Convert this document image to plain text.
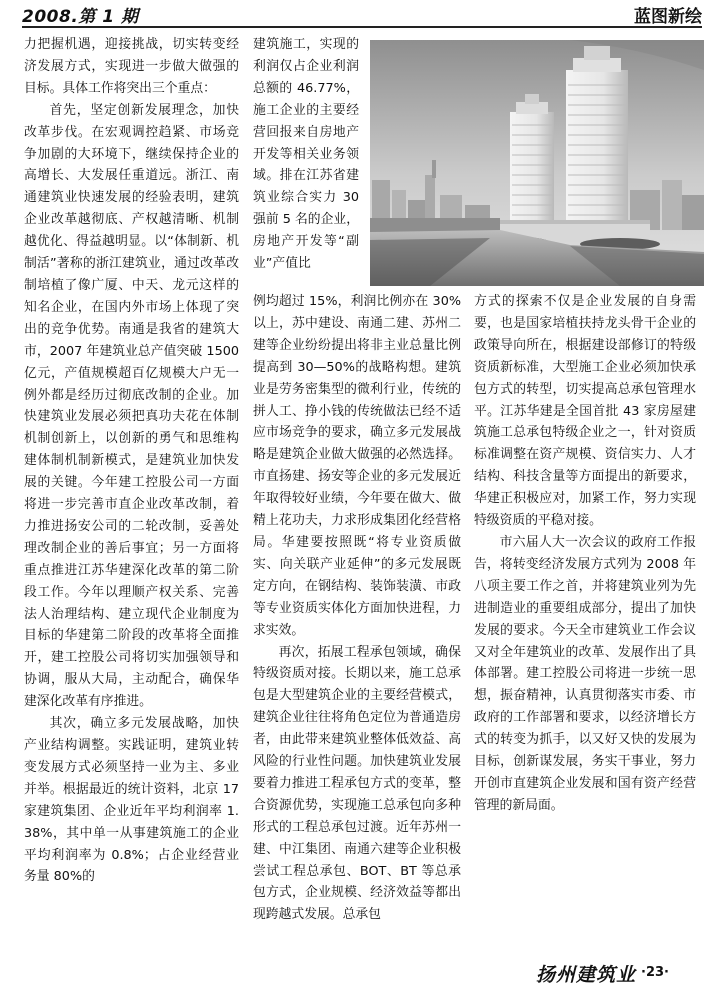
2008.第 1 期	蓝图新绘

力把握机遇，迎接挑战，切实转变经济发展方式，实现进一步做大做强的目标。具体工作将突出三个重点：

首先，坚定创新发展理念，加快改革步伐。在宏观调控趋紧、市场竞争加剧的大环境下，继续保持企业的高增长、大发展任重道远。浙江、南通建筑业快速发展的经验表明，建筑企业改革越彻底、产权越清晰、机制越优化、得益越明显。以“体制新、机制活”著称的浙江建筑业，通过改革改制培植了像广厦、中天、龙元这样的知名企业，在国内外市场上体现了突出的竞争优势。南通是我省的建筑大市，2007 年建筑业总产值突破 1500 亿元，产值规模超百亿规模大户无一例外都是经历过彻底改制的企业。加快建筑业发展必须把真功夫花在体制机制创新上，以创新的勇气和思维构建体制机制新模式，是建筑业加快发展的关键。今年建工控股公司一方面将进一步完善市直企业改革改制，着力推进扬安公司的二轮改制，妥善处理改制企业的善后事宜；另一方面将重点推进江苏华建深化改革的第二阶段工作。今年以理顺产权关系、完善法人治理结构、建立现代企业制度为目标的华建第二阶段的改革将全面推开，建工控股公司将切实加强领导和协调，服从大局，主动配合，确保华建深化改革有序推进。

其次，确立多元发展战略，加快产业结构调整。实践证明，建筑业转变发展方式必须坚持一业为主、多业并举。根据最近的统计资料，北京 17 家建筑集团、企业近年平均利润率 1.38%，其中单一从事建筑施工的企业平均利润率为 0.8%；占企业经营业务量 80%的

建筑施工，实现的利润仅占企业利润总额的 46.77%，施工企业的主要经营回报来自房地产开发等相关业务领域。排在江苏省建筑业综合实力 30 强前 5 名的企业，房地产开发等“副业”产值比

例均超过 15%，利润比例亦在 30%以上，苏中建设、南通二建、苏州二建等企业纷纷提出将非主业总量比例提高到 30—50%的战略构想。建筑业是劳务密集型的微利行业，传统的拼人工、挣小钱的传统做法已经不适应市场竞争的要求，确立多元发展战略是建筑企业做大做强的必然选择。市直扬建、扬安等企业的多元发展近年取得较好业绩，今年要在做大、做精上花功夫，力求形成集团化经营格局。华建要按照既“将专业资质做实、向关联产业延伸”的多元发展既定方向，在钢结构、装饰装潢、市政等专业资质实体化方面加快进程，力求实效。

再次，拓展工程承包领域，确保特级资质对接。长期以来，施工总承包是大型建筑企业的主要经营模式，建筑企业往往将角色定位为普通造房者，由此带来建筑业整体低效益、高风险的行业性问题。加快建筑业发展要着力推进工程承包方式的变革，整合资源优势，实现施工总承包向多种形式的工程总承包过渡。近年苏州一建、中江集团、南通六建等企业积极尝试工程总承包、BOT、BT 等总承包方式，企业规模、经济效益等都出现跨越式发展。总承包

方式的探索不仅是企业发展的自身需要，也是国家培植扶持龙头骨干企业的政策导向所在，根据建设部修订的特级资质新标准，大型施工企业必须加快承包方式的转型，切实提高总承包管理水平。江苏华建是全国首批 43 家房屋建筑施工总承包特级企业之一，针对资质标准调整在资产规模、资信实力、人才结构、科技含量等方面提出的新要求，华建正积极应对，加紧工作，努力实现特级资质的平稳对接。

市六届人大一次会议的政府工作报告，将转变经济发展方式列为 2008 年八项主要工作之首，并将建筑业列为先进制造业的重要组成部分，提出了加快发展的要求。今天全市建筑业工作会议又对全年建筑业的改革、发展作出了具体部署。建工控股公司将进一步统一思想，振奋精神，认真贯彻落实市委、市政府的工作部署和要求，以经济增长方式的转变为抓手，以又好又快的发展为目标，创新谋发展，务实干事业，努力开创市直建筑企业发展和国有资产经营管理的新局面。

扬州建筑业 ·23·
